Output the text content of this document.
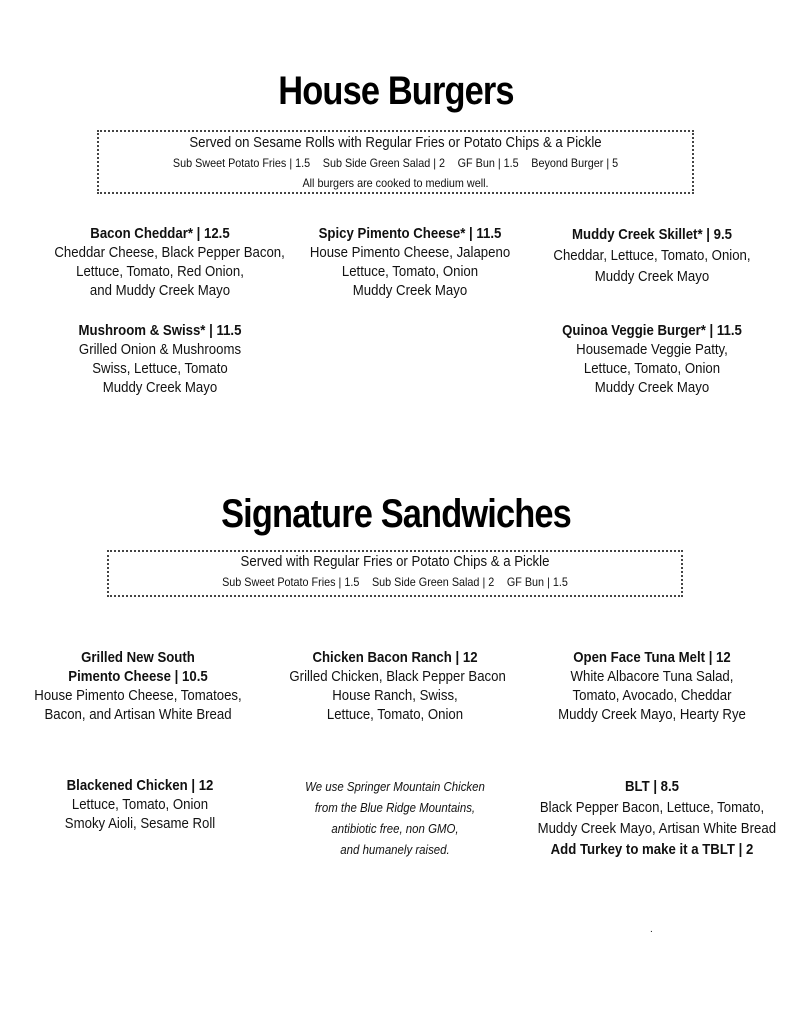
House Burgers
Served on Sesame Rolls with Regular Fries or Potato Chips & a Pickle
Sub Sweet Potato Fries | 1.5 Sub Side Green Salad | 2 GF Bun | 1.5 Beyond Burger | 5
All burgers are cooked to medium well.
Bacon Cheddar* | 12.5
Cheddar Cheese, Black Pepper Bacon,
Lettuce, Tomato, Red Onion,
and Muddy Creek Mayo
Spicy Pimento Cheese* | 11.5
House Pimento Cheese, Jalapeno
Lettuce, Tomato, Onion
Muddy Creek Mayo
Muddy Creek Skillet* | 9.5
Cheddar, Lettuce, Tomato, Onion,
Muddy Creek Mayo
Mushroom & Swiss* | 11.5
Grilled Onion & Mushrooms
Swiss, Lettuce, Tomato
Muddy Creek Mayo
Quinoa Veggie Burger* | 11.5
Housemade Veggie Patty,
Lettuce, Tomato, Onion
Muddy Creek Mayo
Signature Sandwiches
Served with Regular Fries or Potato Chips & a Pickle
Sub Sweet Potato Fries | 1.5 Sub Side Green Salad | 2 GF Bun | 1.5
Grilled New South
Pimento Cheese | 10.5
House Pimento Cheese, Tomatoes,
Bacon, and Artisan White Bread
Chicken Bacon Ranch | 12
Grilled Chicken, Black Pepper Bacon
House Ranch, Swiss,
Lettuce, Tomato, Onion
Open Face Tuna Melt | 12
White Albacore Tuna Salad,
Tomato, Avocado, Cheddar
Muddy Creek Mayo, Hearty Rye
Blackened Chicken | 12
Lettuce, Tomato, Onion
Smoky Aioli, Sesame Roll
We use Springer Mountain Chicken
from the Blue Ridge Mountains,
antibiotic free, non GMO,
and humanely raised.
BLT | 8.5
Black Pepper Bacon, Lettuce, Tomato,
Muddy Creek Mayo, Artisan White Bread
Add Turkey to make it a TBLT | 2
.
